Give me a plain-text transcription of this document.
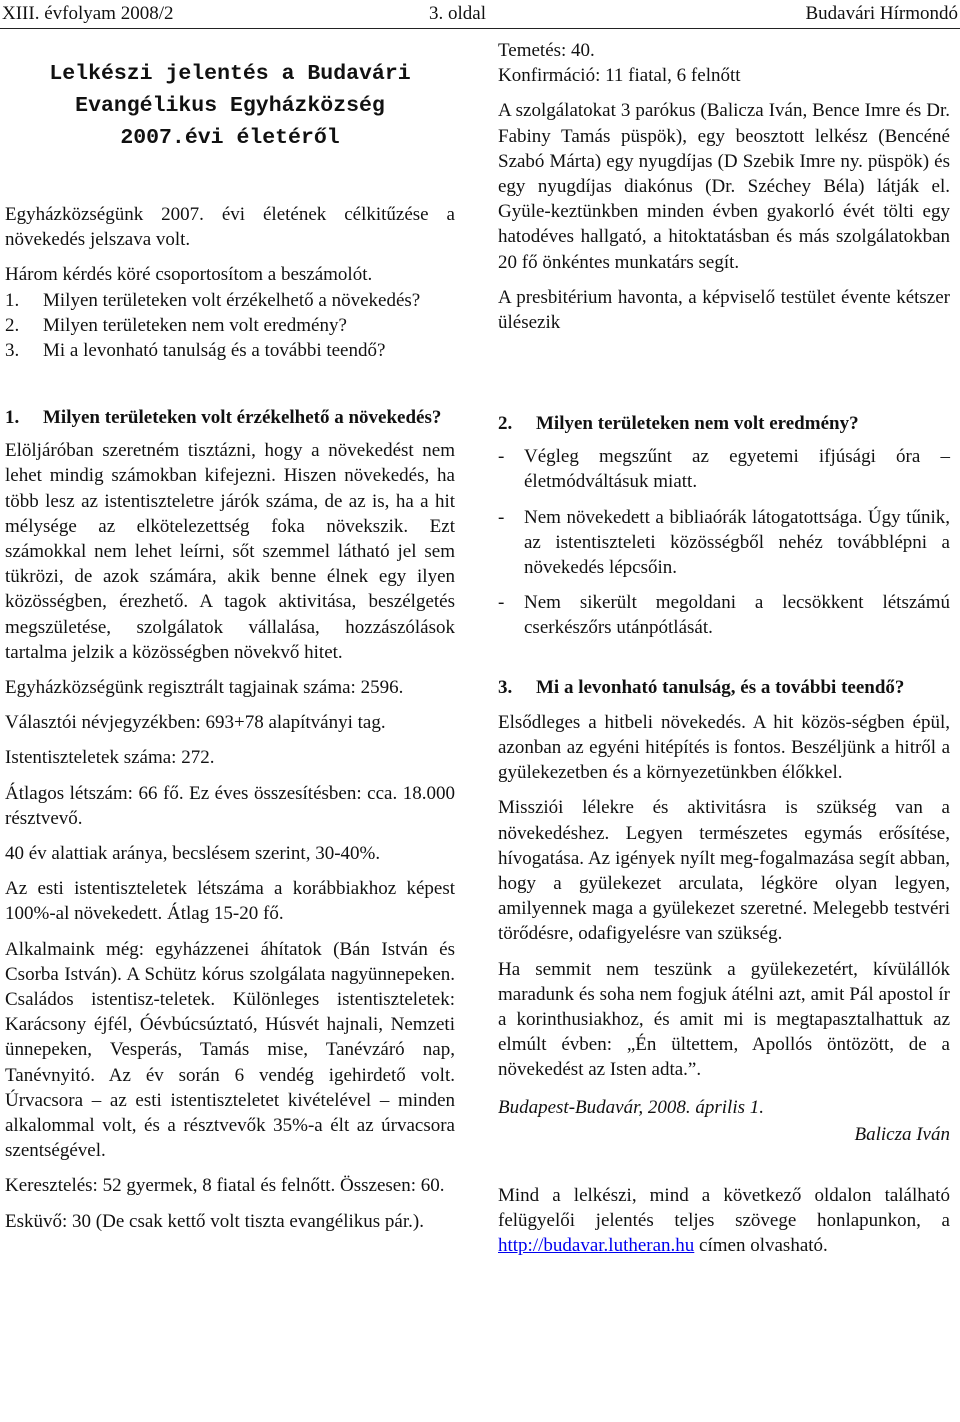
XIII. évfolyam 2008/2	3. oldal	Budavári Hírmondó

Lelkészi jelentés a Budavári
Evangélikus Egyházközség
2007.évi életéről

Egyházközségünk 2007. évi életének célkitűzése a növekedés jelszava volt.

Három kérdés köré csoportosítom a beszámolót.

1.	Milyen területeken volt érzékelhető a növekedés?
2.	Milyen területeken nem volt eredmény?
3.	Mi a levonható tanulság és a további teendő?
1.	Milyen területeken volt érzékelhető a növekedés?

Elöljáróban szeretném tisztázni, hogy a növekedést nem lehet mindig számokban kifejezni. Hiszen növekedés, ha több lesz az istentiszteletre járók száma, de az is, ha a hit mélysége az elkötelezettség foka növekszik. Ezt számokkal nem lehet leírni, sőt szemmel látható jel sem tükrözi, de azok számára, akik benne élnek egy ilyen közösségben, érezhető. A tagok aktivitása, beszélgetés megszületése, szolgálatok vállalása, hozzászólások tartalma jelzik a közösségben növekvő hitet.

Egyházközségünk regisztrált tagjainak száma: 2596.

Választói névjegyzékben: 693+78 alapítványi tag.

Istentiszteletek száma: 272.

Átlagos létszám: 66 fő. Ez éves összesítésben: cca. 18.000 résztvevő.

40 év alattiak aránya, becslésem szerint, 30-40%.

Az esti istentiszteletek létszáma a korábbiakhoz képest 100%-al növekedett. Átlag 15-20 fő.

Alkalmaink még: egyházzenei áhítatok (Bán István és Csorba István). A Schütz kórus szolgálata nagyünnepeken. Családos istentisz-teletek. Különleges istentiszteletek: Karácsony éjfél, Óévbúcsúztató, Húsvét hajnali, Nemzeti ünnepeken, Vesperás, Tamás mise, Tanévzáró nap, Tanévnyitó. Az év során 6 vendég igehirdető volt. Úrvacsora – az esti istentiszteletet kivételével – minden alkalommal volt, és a résztvevők 35%-a élt az úrvacsora szentségével.

Keresztelés: 52 gyermek, 8 fiatal és felnőtt. Összesen: 60.

Esküvő: 30 (De csak kettő volt tiszta evangélikus pár.).

Temetés: 40.

Konfirmáció: 11 fiatal, 6 felnőtt

A szolgálatokat 3 parókus (Balicza Iván, Bence Imre és Dr. Fabiny Tamás püspök), egy beosztott lelkész (Bencéné Szabó Márta) egy nyugdíjas (D Szebik Imre ny. püspök) és egy nyugdíjas diakónus (Dr. Széchey Béla) látják el. Gyüle-keztünkben minden évben gyakorló évét tölti egy hatodéves hallgató, a hitoktatásban és más szolgálatokban 20 fő önkéntes munkatárs segít.

A presbitérium havonta, a képviselő testület évente kétszer ülésezik

2.	Milyen területeken nem volt eredmény?
-	Végleg megszűnt az egyetemi ifjúsági óra – életmódváltásuk miatt.
-	Nem növekedett a bibliaórák látogatottsága. Úgy tűnik, az istentiszteleti közösségből nehéz továbblépni a növekedés lépcsőin.
-	Nem sikerült megoldani a lecsökkent létszámú cserkészőrs utánpótlását.
3.	Mi a levonható tanulság, és a további teendő?

Elsődleges a hitbeli növekedés. A hit közös-ségben épül, azonban az egyéni hitépítés is fontos. Beszéljünk a hitről a gyülekezetben és a környezetünkben élőkkel.

Missziói lélekre és aktivitásra is szükség van a növekedéshez. Legyen természetes egymás erősítése, hívogatása. Az igények nyílt meg-fogalmazása segít abban, hogy a gyülekezet arculata, légköre olyan legyen, amilyennek maga a gyülekezet szeretné. Melegebb testvéri törődésre, odafigyelésre van szükség.

Ha semmit nem teszünk a gyülekezetért, kívülállók maradunk és soha nem fogjuk átélni azt, amit Pál apostol ír a korinthusiakhoz, és amit mi is megtapasztalhattuk az elmúlt évben: „Én ültettem, Apollós öntözött, de a növekedést az Isten adta.”.

Budapest-Budavár, 2008. április 1.

Balicza Iván

Mind a lelkészi, mind a következő oldalon található felügyelői jelentés teljes szövege honlapunkon, a http://budavar.lutheran.hu címen olvasható.
